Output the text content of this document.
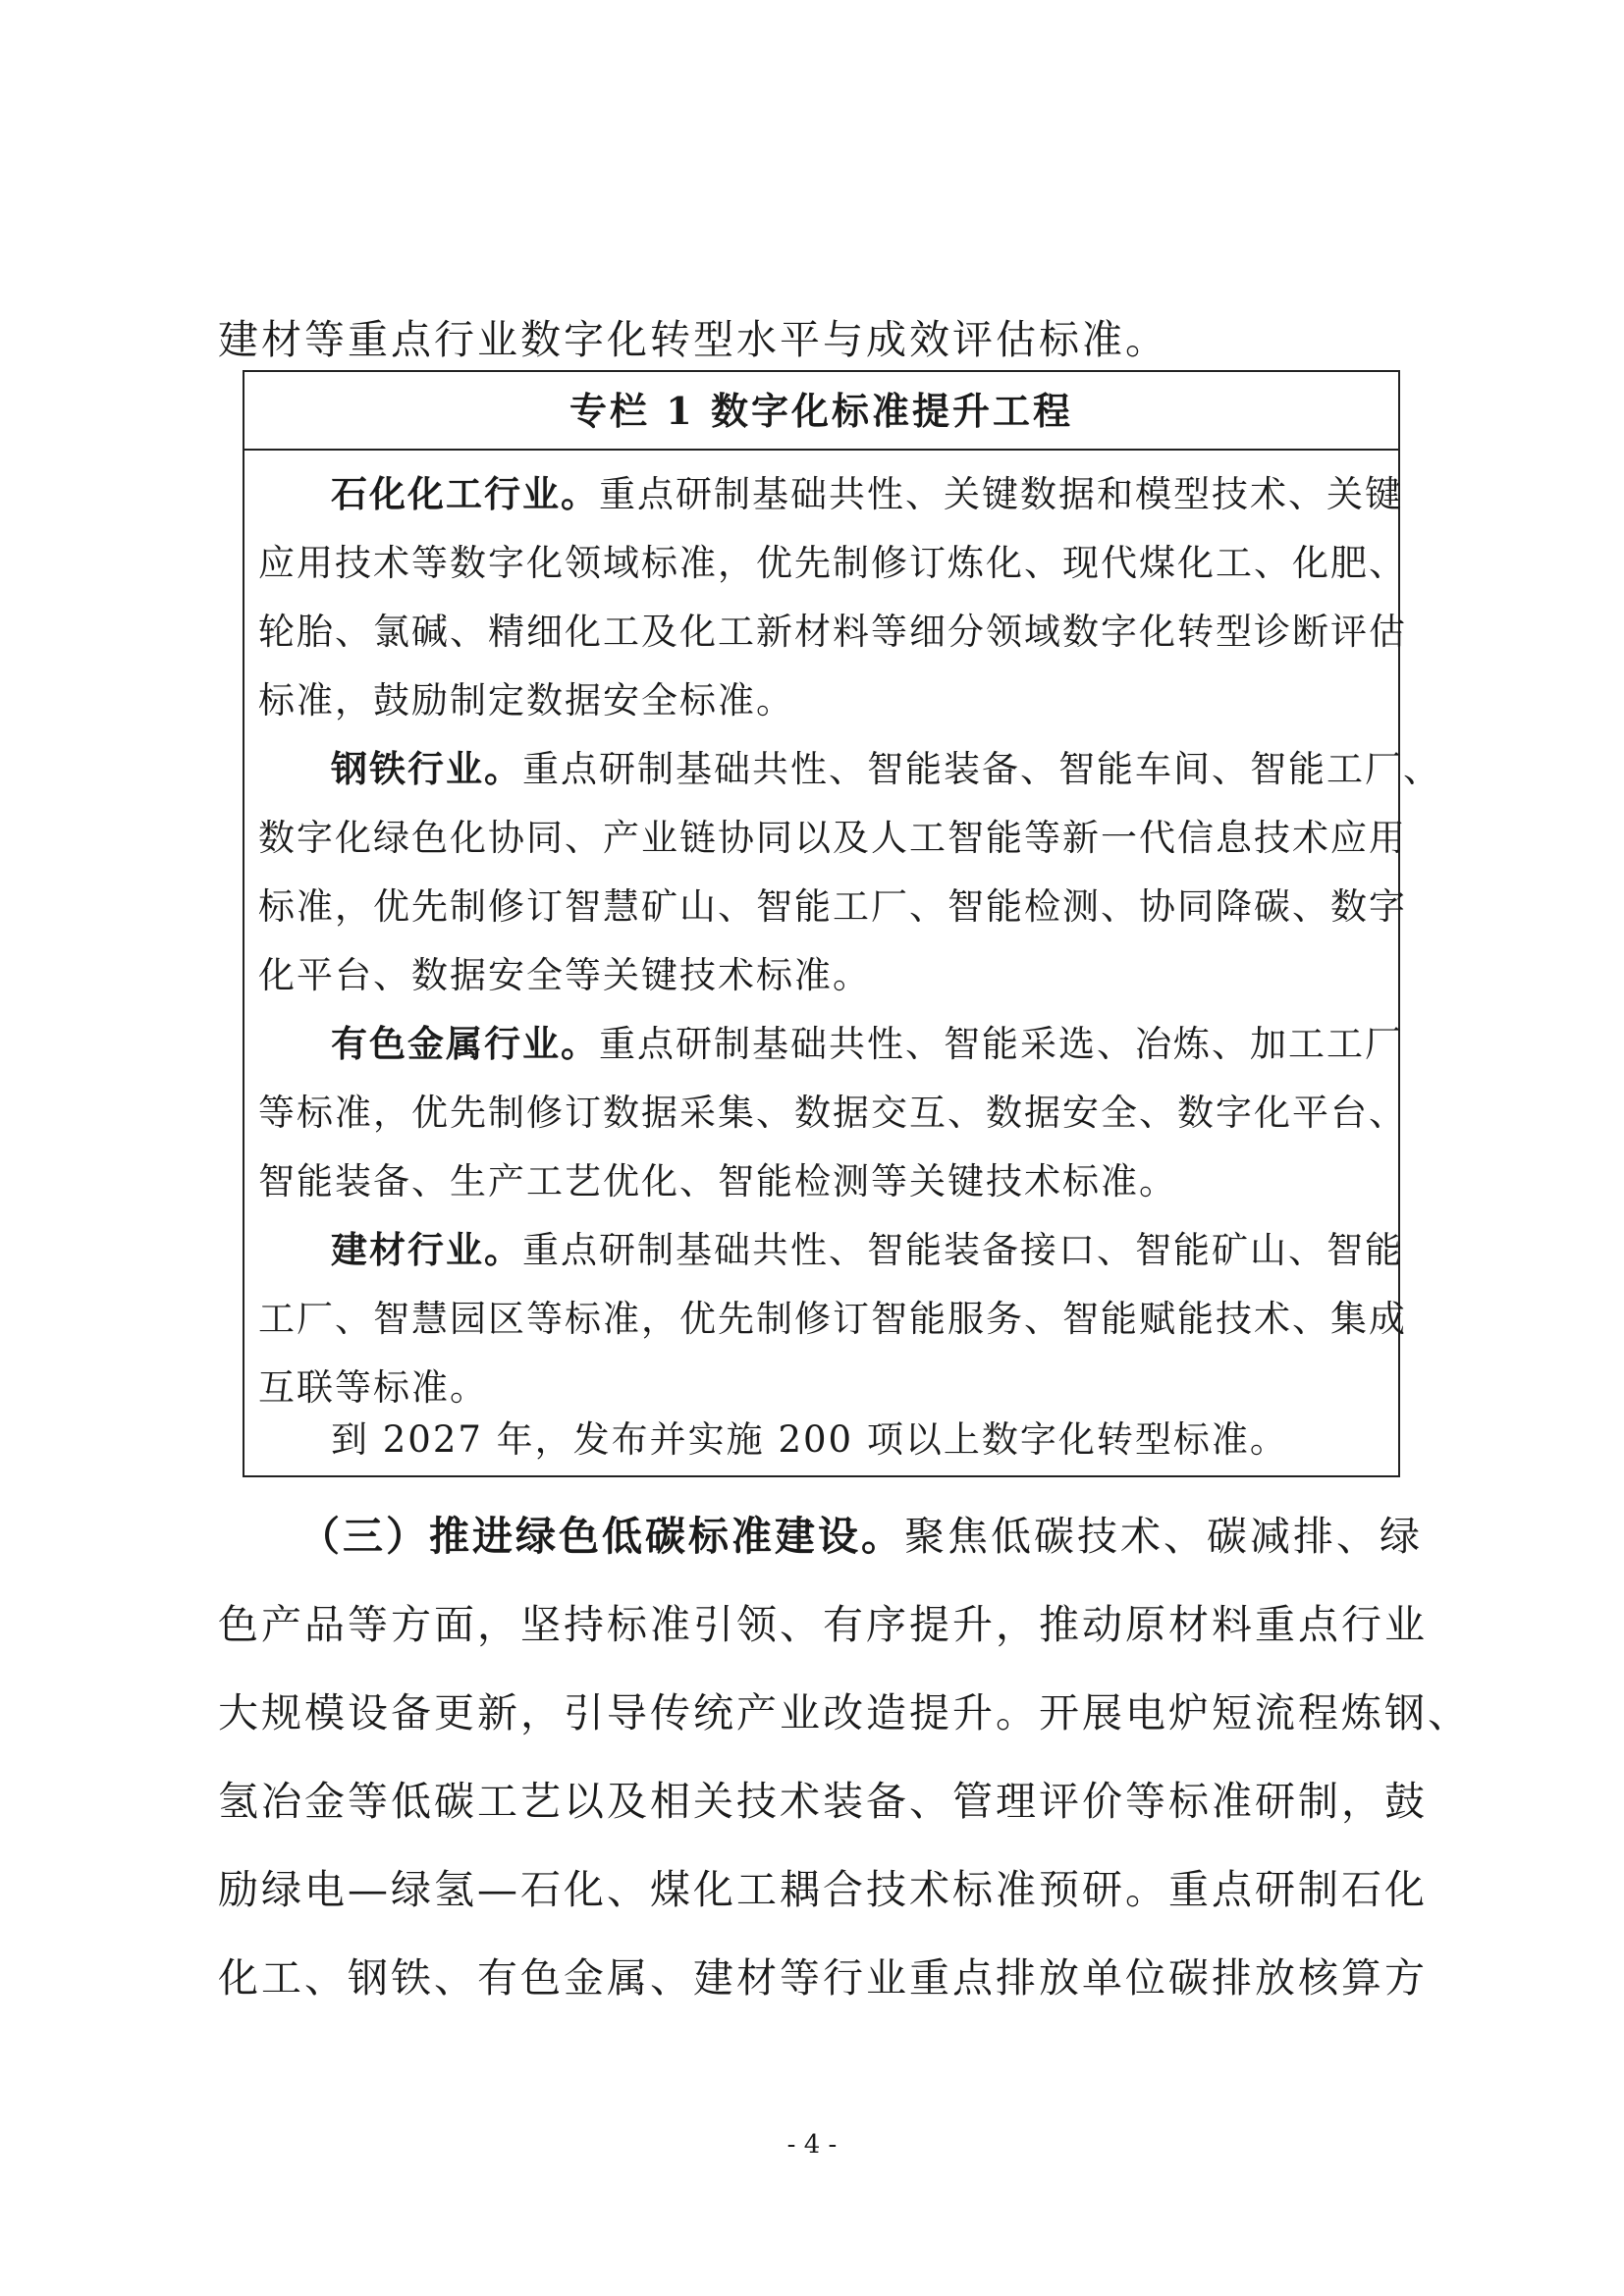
建材等重点行业数字化转型水平与成效评估标准。
专栏 1 数字化标准提升工程
石化化工行业。重点研制基础共性、关键数据和模型技术、关键
应用技术等数字化领域标准，优先制修订炼化、现代煤化工、化肥、
轮胎、氯碱、精细化工及化工新材料等细分领域数字化转型诊断评估
标准，鼓励制定数据安全标准。
钢铁行业。重点研制基础共性、智能装备、智能车间、智能工厂、
数字化绿色化协同、产业链协同以及人工智能等新一代信息技术应用
标准，优先制修订智慧矿山、智能工厂、智能检测、协同降碳、数字
化平台、数据安全等关键技术标准。
有色金属行业。重点研制基础共性、智能采选、冶炼、加工工厂
等标准，优先制修订数据采集、数据交互、数据安全、数字化平台、
智能装备、生产工艺优化、智能检测等关键技术标准。
建材行业。重点研制基础共性、智能装备接口、智能矿山、智能
工厂、智慧园区等标准，优先制修订智能服务、智能赋能技术、集成
互联等标准。
到 2027 年，发布并实施 200 项以上数字化转型标准。
（三）推进绿色低碳标准建设。聚焦低碳技术、碳减排、绿
色产品等方面，坚持标准引领、有序提升，推动原材料重点行业
大规模设备更新，引导传统产业改造提升。开展电炉短流程炼钢、
氢冶金等低碳工艺以及相关技术装备、管理评价等标准研制，鼓
励绿电—绿氢—石化、煤化工耦合技术标准预研。重点研制石化
化工、钢铁、有色金属、建材等行业重点排放单位碳排放核算方
- 4 -
